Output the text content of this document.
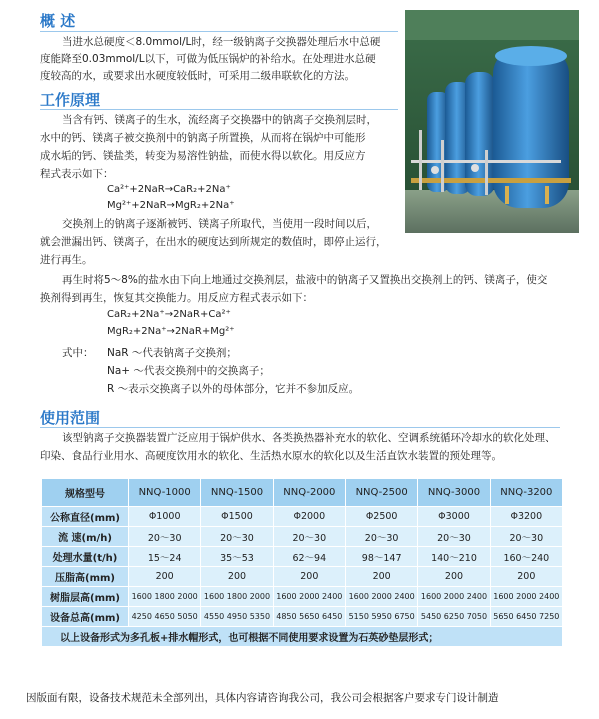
概 述
当进水总硬度＜8.0mmol/L时，经一级钠离子交换器处理后水中总硬
度能降至0.03mmol/L以下，可做为低压锅炉的补给水。在处理进水总硬
度较高的水，或要求出水硬度较低时，可采用二级串联软化的方法。
工作原理
当含有钙、镁离子的生水，流经离子交换器中的钠离子交换剂层时，
水中的钙、镁离子被交换剂中的钠离子所置换，从而将在锅炉中可能形
成水垢的钙、镁盐类，转变为易溶性钠盐，而使水得以软化。用反应方
程式表示如下：
Ca²⁺+2NaR→CaR₂+2Na⁺
Mg²⁺+2NaR→MgR₂+2Na⁺
交换剂上的钠离子逐渐被钙、镁离子所取代，当使用一段时间以后，
就会泄漏出钙、镁离子，在出水的硬度达到所规定的数值时，即停止运行，
进行再生。
再生时将5～8%的盐水由下向上地通过交换剂层，盐液中的钠离子又置换出交换剂上的钙、镁离子，使交
换剂得到再生，恢复其交换能力。用反应方程式表示如下：
CaR₂+2Na⁺→2NaR+Ca²⁺
MgR₂+2Na⁺→2NaR+Mg²⁺
式中： NaR ～代表钠离子交换剂；
Na+ ～代表交换剂中的交换离子；
R ～表示交换离子以外的母体部分，它并不参加反应。
使用范围
该型钠离子交换器装置广泛应用于锅炉供水、各类换热器补充水的软化、空调系统循环冷却水的软化处理、
印染、食品行业用水、高硬度饮用水的软化、生活热水原水的软化以及生活直饮水装置的预处理等。
规格型号	NNQ-1000	NNQ-1500	NNQ-2000	NNQ-2500	NNQ-3000	NNQ-3200
公称直径(mm)	Φ1000	Φ1500	Φ2000	Φ2500	Φ3000	Φ3200
流 速(m/h)	20～30	20～30	20～30	20～30	20～30	20～30
处理水量(t/h)	15～24	35～53	62～94	98～147	140～210	160～240
压脂高(mm)	200	200	200	200	200	200
树脂层高(mm)	1600 1800 2000	1600 1800 2000	1600 2000 2400	1600 2000 2400	1600 2000 2400	1600 2000 2400
设备总高(mm)	4250 4650 5050	4550 4950 5350	4850 5650 6450	5150 5950 6750	5450 6250 7050	5650 6450 7250
以上设备形式为多孔板+排水帽形式，也可根据不同使用要求设置为石英砂垫层形式；						
因版面有限，设备技术规范未全部列出，具体内容请咨询我公司，我公司会根据客户要求专门设计制造
